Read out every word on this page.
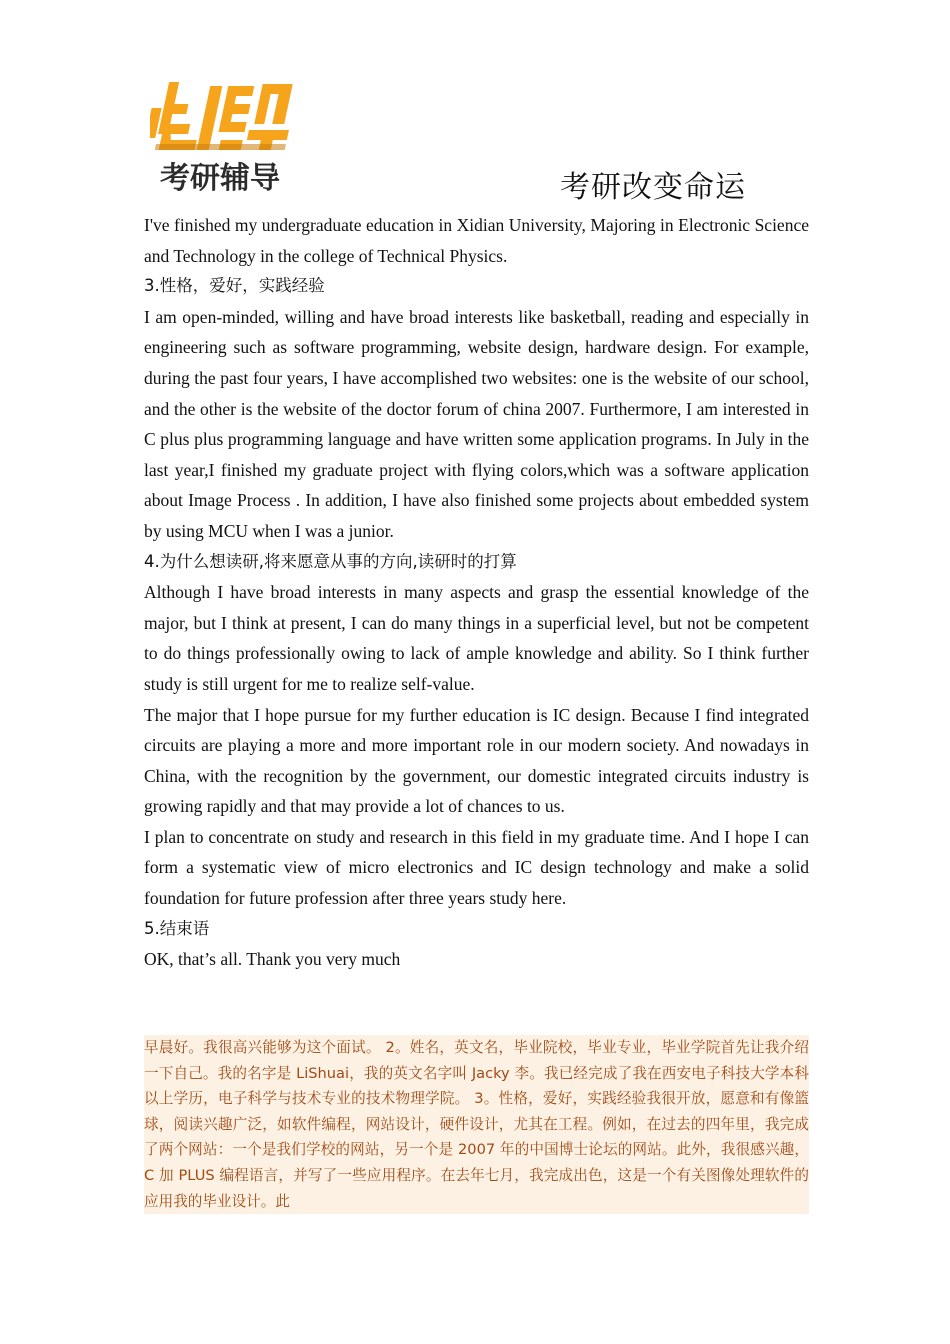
考研辅导	考研改变命运

I've finished my undergraduate education in Xidian University, Majoring in Electronic Science and Technology in the college of Technical Physics.

3.性格，爱好，实践经验

I am open-minded, willing and have broad interests like basketball, reading and especially in engineering such as software programming, website design, hardware design. For example, during the past four years, I have accomplished two websites: one is the website of our school, and the other is the website of the doctor forum of china 2007. Furthermore, I am interested in C plus plus programming language and have written some application programs. In July in the last year,I finished my graduate project with flying colors,which was a software application about Image Process . In addition, I have also finished some projects about embedded system by using MCU when I was a junior.

4.为什么想读研,将来愿意从事的方向,读研时的打算

Although I have broad interests in many aspects and grasp the essential knowledge of the major, but I think at present, I can do many things in a superficial level, but not be competent to do things professionally owing to lack of ample knowledge and ability. So I think further study is still urgent for me to realize self-value.

The major that I hope pursue for my further education is IC design. Because I find integrated circuits are playing a more and more important role in our modern society. And nowadays in China, with the recognition by the government, our domestic integrated circuits industry is growing rapidly and that may provide a lot of chances to us.

I plan to concentrate on study and research in this field in my graduate time. And I hope I can form a systematic view of micro electronics and IC design technology and make a solid foundation for future profession after three years study here.

5.结束语

OK, that’s all. Thank you very much

早晨好。我很高兴能够为这个面试。 2。姓名，英文名，毕业院校，毕业专业，毕业学院首先让我介绍一下自己。我的名字是 LiShuai，我的英文名字叫 Jacky 李。我已经完成了我在西安电子科技大学本科以上学历，电子科学与技术专业的技术物理学院。 3。性格，爱好，实践经验我很开放，愿意和有像篮球，阅读兴趣广泛，如软件编程，网站设计，硬件设计，尤其在工程。例如，在过去的四年里，我完成了两个网站：一个是我们学校的网站，另一个是 2007 年的中国博士论坛的网站。此外，我很感兴趣，C 加 PLUS 编程语言，并写了一些应用程序。在去年七月，我完成出色，这是一个有关图像处理软件的应用我的毕业设计。此
